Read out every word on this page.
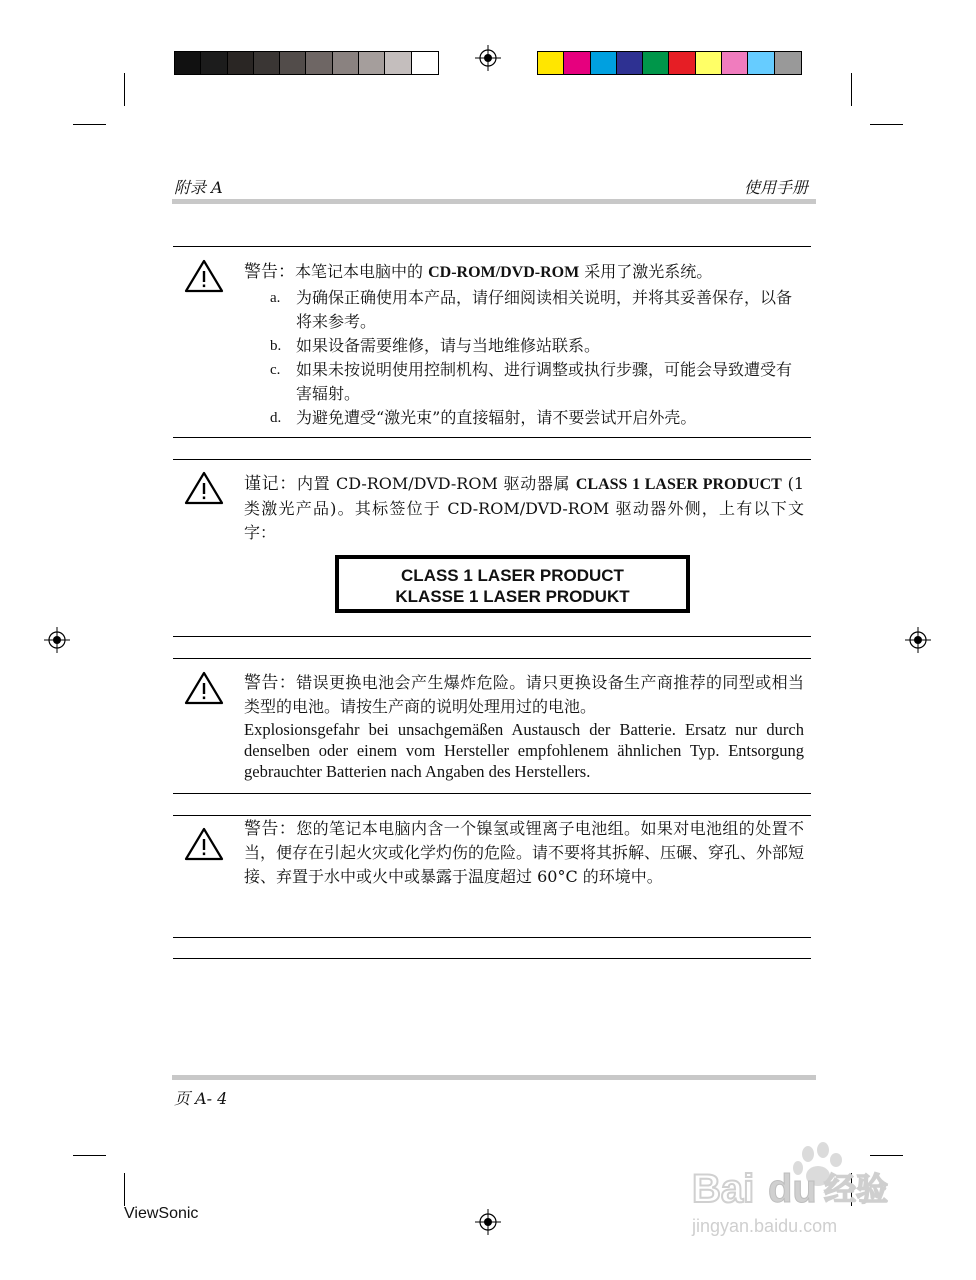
附录 A	使用手册
警告：本笔记本电脑中的 CD-ROM/DVD-ROM 采用了激光系统。
a. 为确保正确使用本产品，请仔细阅读相关说明，并将其妥善保存，以备将来参考。
b. 如果设备需要维修，请与当地维修站联系。
c. 如果未按说明使用控制机构、进行调整或执行步骤，可能会导致遭受有害辐射。
d. 为避免遭受“激光束”的直接辐射，请不要尝试开启外壳。
谨记：内置 CD-ROM/DVD-ROM 驱动器属 CLASS 1 LASER PRODUCT (1 类激光产品)。其标签位于 CD-ROM/DVD-ROM 驱动器外侧，上有以下文字：
CLASS 1 LASER PRODUCT
KLASSE 1 LASER PRODUKT
警告：错误更换电池会产生爆炸危险。请只更换设备生产商推荐的同型或相当类型的电池。请按生产商的说明处理用过的电池。
Explosionsgefahr bei unsachgemäßen Austausch der Batterie. Ersatz nur durch denselben oder einem vom Hersteller empfohlenem ähnlichen Typ. Entsorgung gebrauchter Batterien nach Angaben des Herstellers.
警告：您的笔记本电脑内含一个镍氢或锂离子电池组。如果对电池组的处置不当，便存在引起火灾或化学灼伤的危险。请不要将其拆解、压碾、穿孔、外部短接、弃置于水中或火中或暴露于温度超过 60°C 的环境中。
页 A- 4
ViewSonic
Bai du 经验
jingyan.baidu.com
